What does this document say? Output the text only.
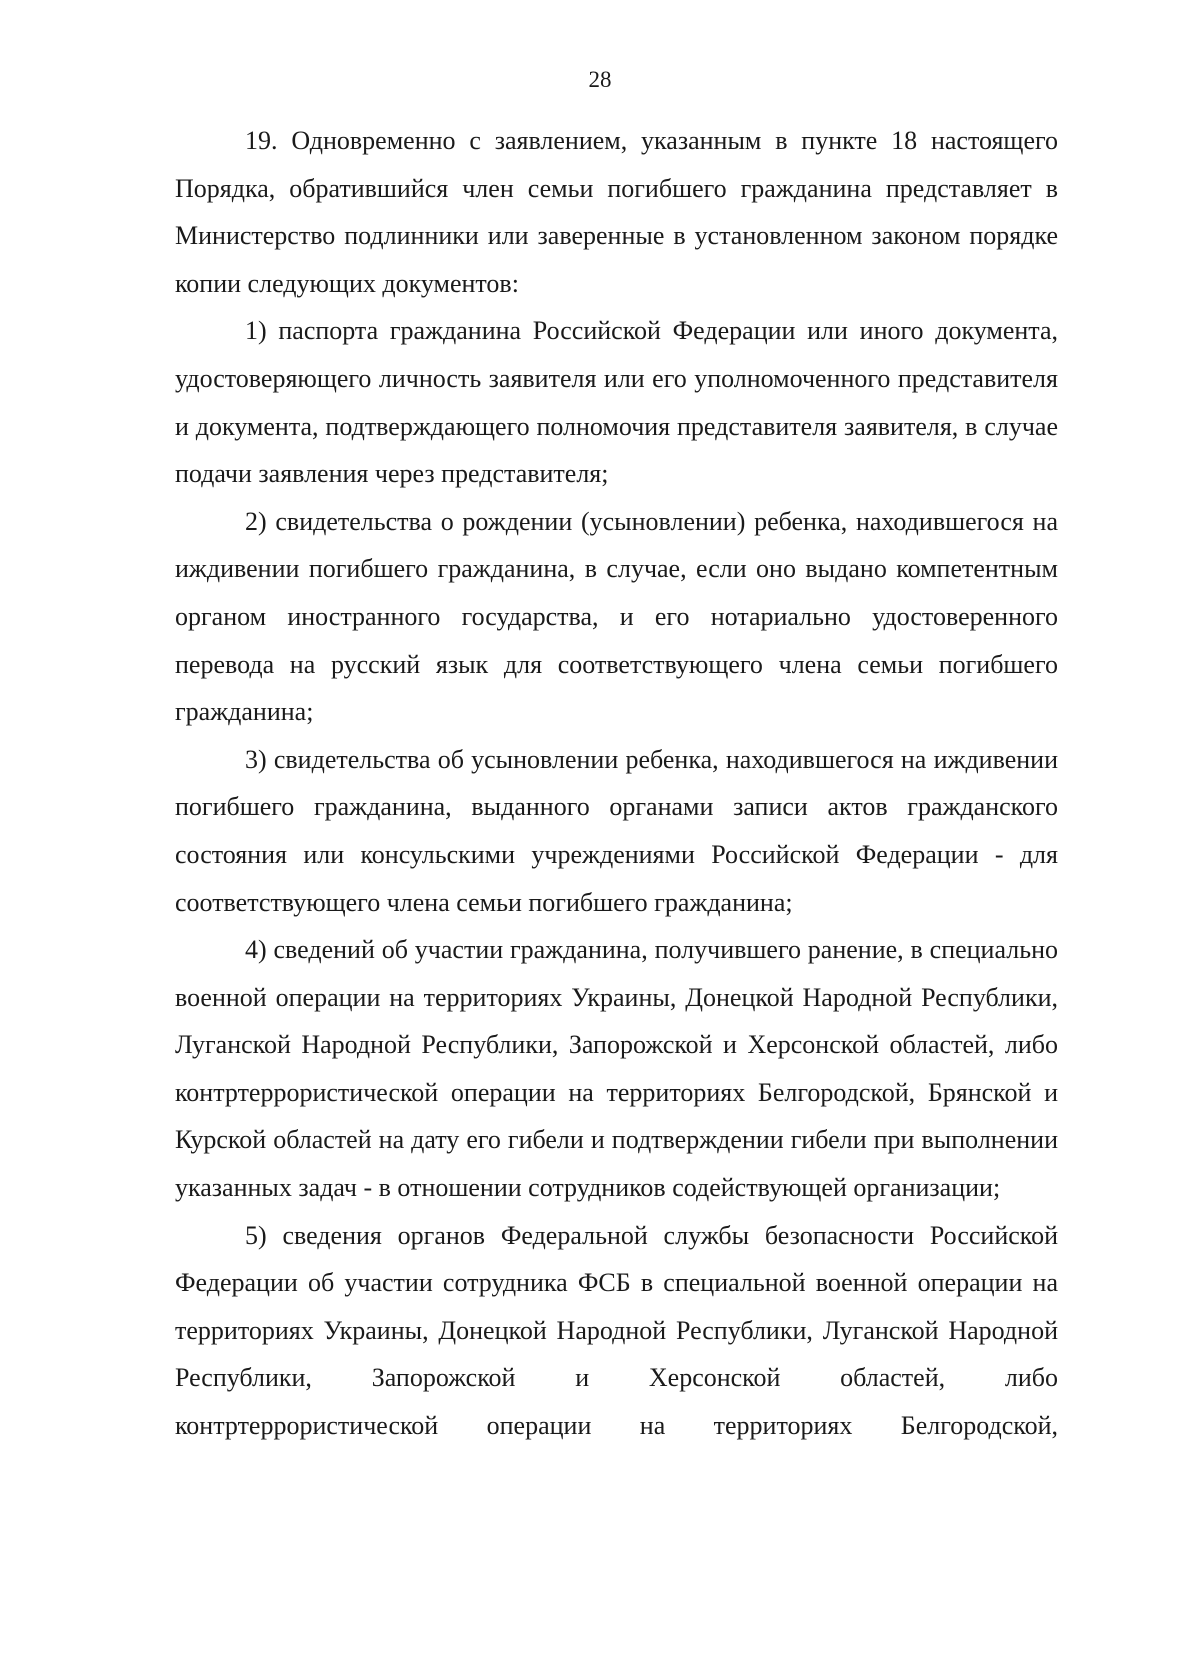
28

19. Одновременно с заявлением, указанным в пункте 18 настоящего Порядка, обратившийся член семьи погибшего гражданина представляет в Министерство подлинники или заверенные в установленном законом порядке копии следующих документов:

1) паспорта гражданина Российской Федерации или иного документа, удостоверяющего личность заявителя или его уполномоченного представителя и документа, подтверждающего полномочия представителя заявителя, в случае подачи заявления через представителя;

2) свидетельства о рождении (усыновлении) ребенка, находившегося на иждивении погибшего гражданина, в случае, если оно выдано компетентным органом иностранного государства, и его нотариально удостоверенного перевода на русский язык для соответствующего члена семьи погибшего гражданина;

3) свидетельства об усыновлении ребенка, находившегося на иждивении погибшего гражданина, выданного органами записи актов гражданского состояния или консульскими учреждениями Российской Федерации - для соответствующего члена семьи погибшего гражданина;

4) сведений об участии гражданина, получившего ранение, в специально военной операции на территориях Украины, Донецкой Народной Республики, Луганской Народной Республики, Запорожской и Херсонской областей, либо контртеррористической операции на территориях Белгородской, Брянской и Курской областей на дату его гибели и подтверждении гибели при выполнении указанных задач - в отношении сотрудников содействующей организации;

5) сведения органов Федеральной службы безопасности Российской Федерации об участии сотрудника ФСБ в специальной военной операции на территориях Украины, Донецкой Народной Республики, Луганской Народной Республики, Запорожской и Херсонской областей, либо контртеррористической операции на территориях Белгородской,
